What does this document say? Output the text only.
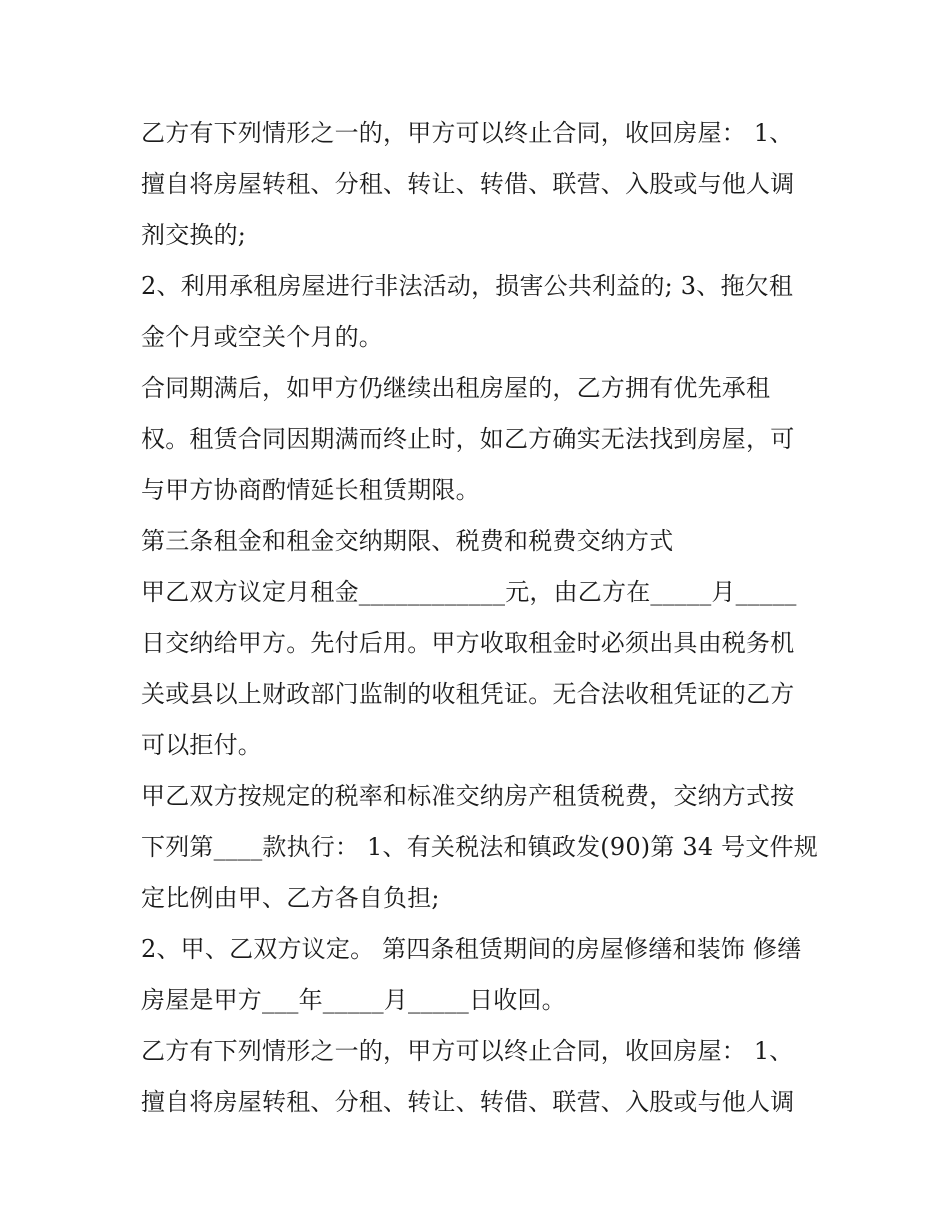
乙方有下列情形之一的，甲方可以终止合同，收回房屋： 1、
擅自将房屋转租、分租、转让、转借、联营、入股或与他人调
剂交换的;
2、利用承租房屋进行非法活动，损害公共利益的; 3、拖欠租
金个月或空关个月的。
合同期满后，如甲方仍继续出租房屋的，乙方拥有优先承租
权。租赁合同因期满而终止时，如乙方确实无法找到房屋，可
与甲方协商酌情延长租赁期限。
第三条租金和租金交纳期限、税费和税费交纳方式
甲乙双方议定月租金____________元，由乙方在_____月_____
日交纳给甲方。先付后用。甲方收取租金时必须出具由税务机
关或县以上财政部门监制的收租凭证。无合法收租凭证的乙方
可以拒付。
甲乙双方按规定的税率和标准交纳房产租赁税费，交纳方式按
下列第____款执行： 1、有关税法和镇政发(90)第 34 号文件规
定比例由甲、乙方各自负担;
2、甲、乙双方议定。 第四条租赁期间的房屋修缮和装饰 修缮
房屋是甲方___年_____月_____日收回。
乙方有下列情形之一的，甲方可以终止合同，收回房屋： 1、
擅自将房屋转租、分租、转让、转借、联营、入股或与他人调
